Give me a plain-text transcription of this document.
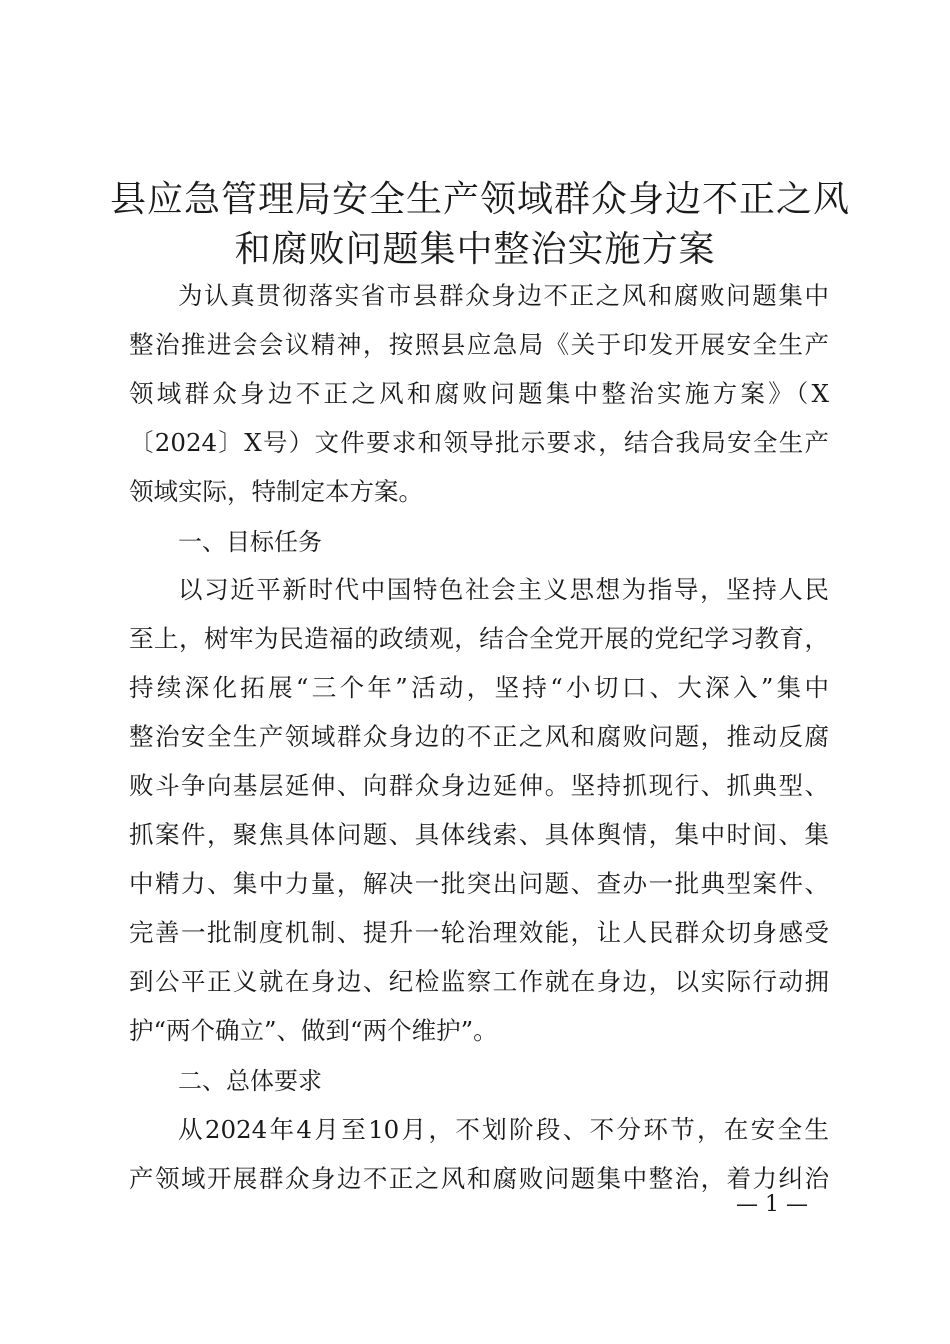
县应急管理局安全生产领域群众身边不正之风
和腐败问题集中整治实施方案
为认真贯彻落实省市县群众身边不正之风和腐败问题集中
整治推进会会议精神，按照县应急局《关于印发开展安全生产
领域群众身边不正之风和腐败问题集中整治实施方案》（X
〔2024〕X号）文件要求和领导批示要求，结合我局安全生产
领域实际，特制定本方案。
一、目标任务
以习近平新时代中国特色社会主义思想为指导，坚持人民
至上，树牢为民造福的政绩观，结合全党开展的党纪学习教育，
持续深化拓展“三个年”活动，坚持“小切口、大深入”集中
整治安全生产领域群众身边的不正之风和腐败问题，推动反腐
败斗争向基层延伸、向群众身边延伸。坚持抓现行、抓典型、
抓案件，聚焦具体问题、具体线索、具体舆情，集中时间、集
中精力、集中力量，解决一批突出问题、查办一批典型案件、
完善一批制度机制、提升一轮治理效能，让人民群众切身感受
到公平正义就在身边、纪检监察工作就在身边，以实际行动拥
护“两个确立”、做到“两个维护”。
二、总体要求
从2024年4月至10月，不划阶段、不分环节，在安全生
产领域开展群众身边不正之风和腐败问题集中整治，着力纠治
— 1 —
